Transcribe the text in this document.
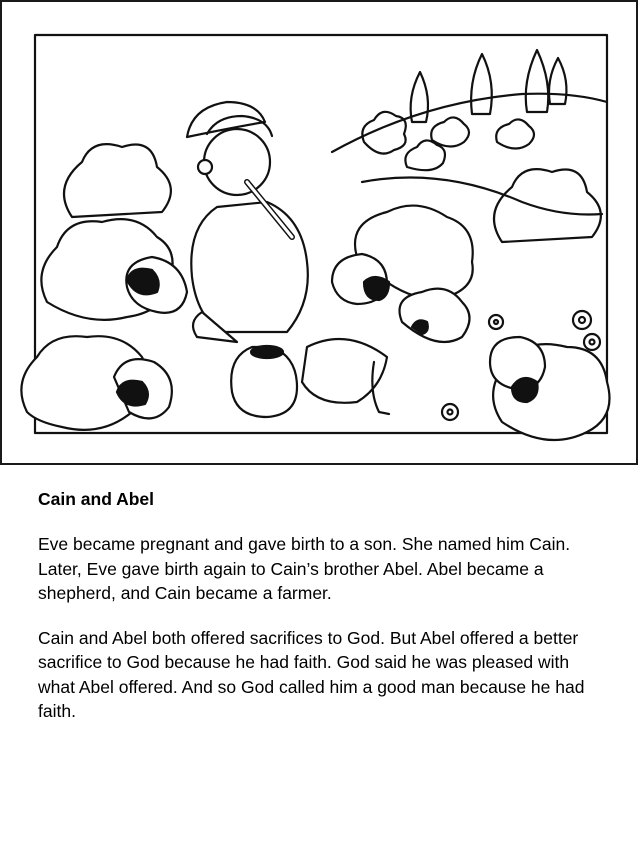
Cain and Abel

Eve became pregnant and gave birth to a son. She named him Cain. Later, Eve gave birth again to Cain’s brother Abel. Abel became a shepherd, and Cain became a farmer.

Cain and Abel both offered sacrifices to God. But Abel offered a better sacrifice to God because he had faith. God said he was pleased with what Abel offered. And so God called him a good man because he had faith.
